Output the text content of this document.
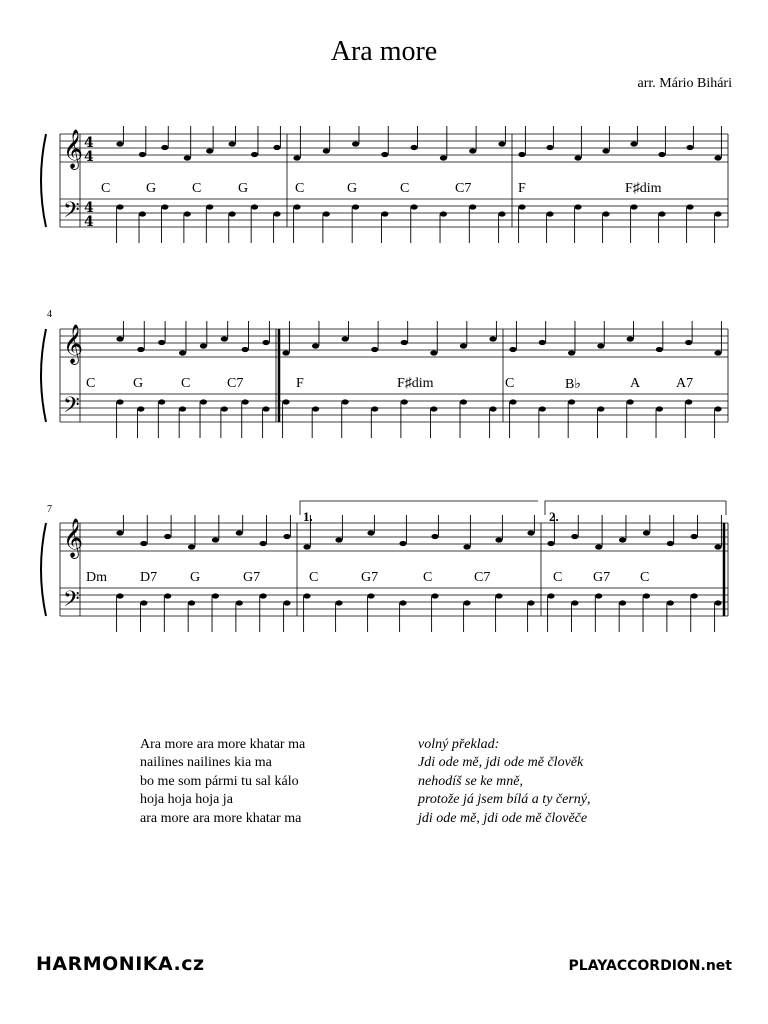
Ara more
arr. Mário Bihári
𝄞
𝄢
4
4
4
4
𝄞
𝄢
𝄞
𝄢
4
7
C	G	C	G	C	G	C	C7	F	F♯dim
C	G	C	C7	F	F♯dim	C	B♭	A	A7
Dm D7 G	G7	C	G7	C	C7	C G7 C
1.	2.
Ara more ara more khatar ma
nailines nailines kia ma
bo me som pármi tu sal kálo
hoja hoja hoja ja
ara more ara more khatar ma
volný překlad:
Jdi ode mě, jdi ode mě člověk
nehodíš se ke mně,
protože já jsem bílá a ty černý,
jdi ode mě, jdi ode mě člověče
HARMONIKA.cz	PLAYACCORDION.net
